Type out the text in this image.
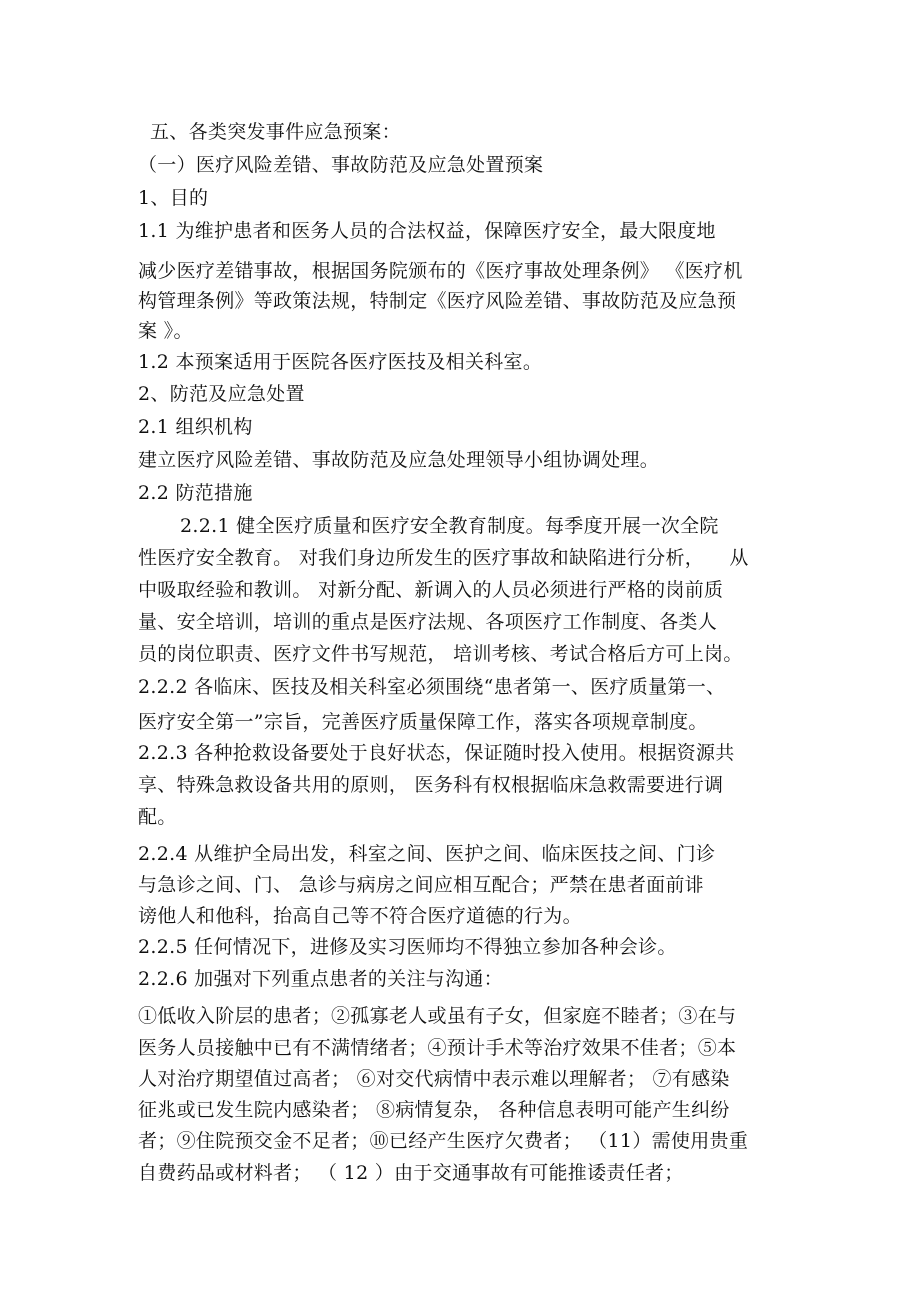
五、各类突发事件应急预案：
（一）医疗风险差错、事故防范及应急处置预案
1、目的
1.1 为维护患者和医务人员的合法权益，保障医疗安全，最大限度地
减少医疗差错事故，根据国务院颁布的《医疗事故处理条例》 《医疗机
构管理条例》等政策法规，特制定《医疗风险差错、事故防范及应急预
案 》。
1.2 本预案适用于医院各医疗医技及相关科室。
2、防范及应急处置
2.1 组织机构
建立医疗风险差错、事故防范及应急处理领导小组协调处理。
2.2 防范措施
2.2.1 健全医疗质量和医疗安全教育制度。每季度开展一次全院
性医疗安全教育。 对我们身边所发生的医疗事故和缺陷进行分析，    从
中吸取经验和教训。 对新分配、新调入的人员必须进行严格的岗前质
量、安全培训，培训的重点是医疗法规、各项医疗工作制度、各类人
员的岗位职责、医疗文件书写规范， 培训考核、考试合格后方可上岗。
2.2.2 各临床、医技及相关科室必须围绕“患者第一、医疗质量第一、
医疗安全第一”宗旨，完善医疗质量保障工作，落实各项规章制度。
2.2.3 各种抢救设备要处于良好状态，保证随时投入使用。根据资源共
享、特殊急救设备共用的原则， 医务科有权根据临床急救需要进行调
配。
2.2.4 从维护全局出发，科室之间、医护之间、临床医技之间、门诊
与急诊之间、门、 急诊与病房之间应相互配合；严禁在患者面前诽
谤他人和他科，抬高自己等不符合医疗道德的行为。
2.2.5 任何情况下，进修及实习医师均不得独立参加各种会诊。
2.2.6 加强对下列重点患者的关注与沟通：
①低收入阶层的患者；②孤寡老人或虽有子女，但家庭不睦者；③在与
医务人员接触中已有不满情绪者；④预计手术等治疗效果不佳者；⑤本
人对治疗期望值过高者； ⑥对交代病情中表示难以理解者； ⑦有感染
征兆或已发生院内感染者； ⑧病情复杂， 各种信息表明可能产生纠纷
者；⑨住院预交金不足者；⑩已经产生医疗欠费者； （11）需使用贵重
自费药品或材料者； （ 12 ）由于交通事故有可能推诿责任者；
